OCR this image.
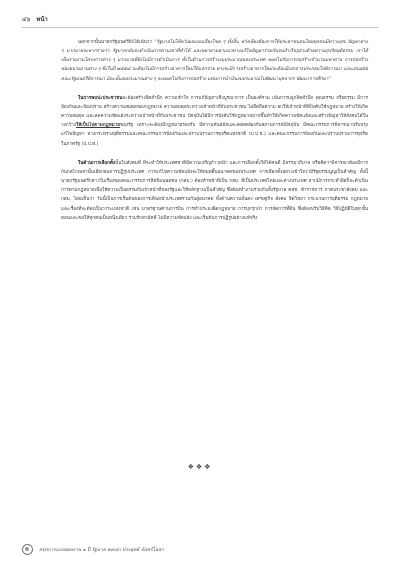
๔๖ หน้า

นอกจากนั้นนายกรัฐมนตรียังได้เน้นว่า “รัฐบาลไม่ได้หวังผลแบบเสี่ยงโชค ๆ ทั้งสิ้น หวังเพียงต้องการให้ประชาชนคนไทยทุกคนมีความสุข ปัญหาต่าง ๆ มากมายจะหากรายว่า รัฐบาลกลับจะดำเนินการตามเท่าที่ทำได้ และพยายามหาแนวทางแก้ไขปัญหาร่วมกันจนสำเร็จลุล่วงด้วยความสุจริตยุติธรรม เราได้เห็นรายงานโครงการต่าง ๆ มากมายที่ยังไม่มีการดำเนินการ ทั้งในด้านการสร้างงบประมาณของประเทศ หมดไปกับการก่อสร้างจำนวนมหาศาล การก่อสร้างของหน่วยงานต่าง ๆ ซึ่งในปี ๒๕๕๘ จะต้องไม่มีการสร้างอาคารใหม่ให้แจกจ่าย ทางจะมีการสร้างอาคารใหม่จะต้องมีเอกสารประกอบไปพิจารณา และเสนอต่อคณะรัฐมนตรีพิจารณา มิฉะนั้นงบประมาณต่าง ๆ จะหมดไปกับการก่อสร้าง แทนการนำเงินงบประมาณไปพัฒนาบุคลากร พัฒนาการศึกษา”

ในการพบปะประชาชนจะต้องสร้างจิตสำนึก ความเข้าใจ การแก้ปัญหาเชิงบูรณาการ เป็นองค์รวม เน้นการปลูกจิตสำนึก คุณธรรม จริยธรรม มีการป้องกันและป้องปราม สร้างความสมดุลของกฎหมาย ความสมดุลระหว่างเจ้าหน้าที่กับประชาชน ไม่ยึดถือความ ยกให้เจ้าหน้าที่ที่บังคับใช้กฎหมาย สร้างให้เกิดความสมดุล และลดความขัดแย้งระหว่างเจ้าหน้าที่กับประชาชน ปัจจุบันได้มีการบังคับใช้กฎหมายมากขึ้นทำให้เกิดความขัดแย้งและสร้างปัญหาให้สังคมได้ในวงกว้างให้เป็นไปตามกฎหมายของรัฐ เพราะจะต้องมีกฎหมายรองรับ มีความทันสมัยและสอดคล้องกับสถานการณ์ปัจจุบัน มีคณะกรรมการพิจารณาปรับปรุงแก้ไขปัญหา ทางกระทรวงยุติธรรมและคณะกรรมการป้องกันและปราบปรามการทุจริตแห่งชาติ (ป.ป.ช.) และคณะกรรมการป้องกันและปราบปรามการทุจริตในภาครัฐ (ป.ป.ท.)

ในด้านการเลือกตั้งนั้นในสังคมที่ ที่จะทำให้ประเทศชาติมีความเจริญก้าวหน้า และการเลือกตั้งให้ได้คนดี มีธรรมาภิบาล หรือคิดว่าพิจารณาต้องมีการกันกลไกเหล่านั้นเสียก่อนการปฏิรูปประเทศ การแก้ไขความขัดแย้งจะให้หมดสิ้นอนาคตของประเทศ การเลือกตั้งอย่างเข้าใจว่ามีรัฐธรรมนูญเป็นสำคัญ ทั้งนี้ นายกรัฐมนตรีกล่าวในเรื่องของคณะกรรมการสิทธิมนุษยชน (กสม.) ต้องทำหน้าที่เป็น กสม. ที่เป็นประเทศไทยและต่างประเทศ หากมีการกระทำผิดก็จะดำเนินการตามกฎหมายเพื่อให้ความเป็นธรรมกับเจ้าหน้าที่ของรัฐและใช้หลักฐานเป็นสำคัญ ซึ่งต้องทำงานร่วมกันทั้งรัฐบาล คสช. ข้าราชการ ภาคประชาสังคม และ กสม. โดยเห็นว่า วันนี้เป็นการเริ่มต้นของการเดินหน้าประเทศรวมกันสู่อนาคต ทั้งด้านความมั่นคง เศรษฐกิจ สังคม จิตวิทยา กระบวนการยุติธรรม กฎหมาย และเรื่องที่จะต้องเป็นวาระแห่งชาติ เช่น มาตรฐานด้านการบิน การทำประมงผิดกฎหมาย การบุกรุกป่า การจัดการที่ดิน ซึ่งต้องปรับวิธีคิด วิธีปฏิบัติในทุกขั้นตอนและขอให้ทุกคนเป็นหนึ่งเดียว ร่วมรักสามัคคี ไม่มีความขัดแย้ง และเริ่มต้นการปฏิรูปอย่างแท้จริง

❖❖❖
สรุปการแถลงผลงาน ๑ ปี รัฐบาล พลเอก ประยุทธ์ จันทร์โอชา
